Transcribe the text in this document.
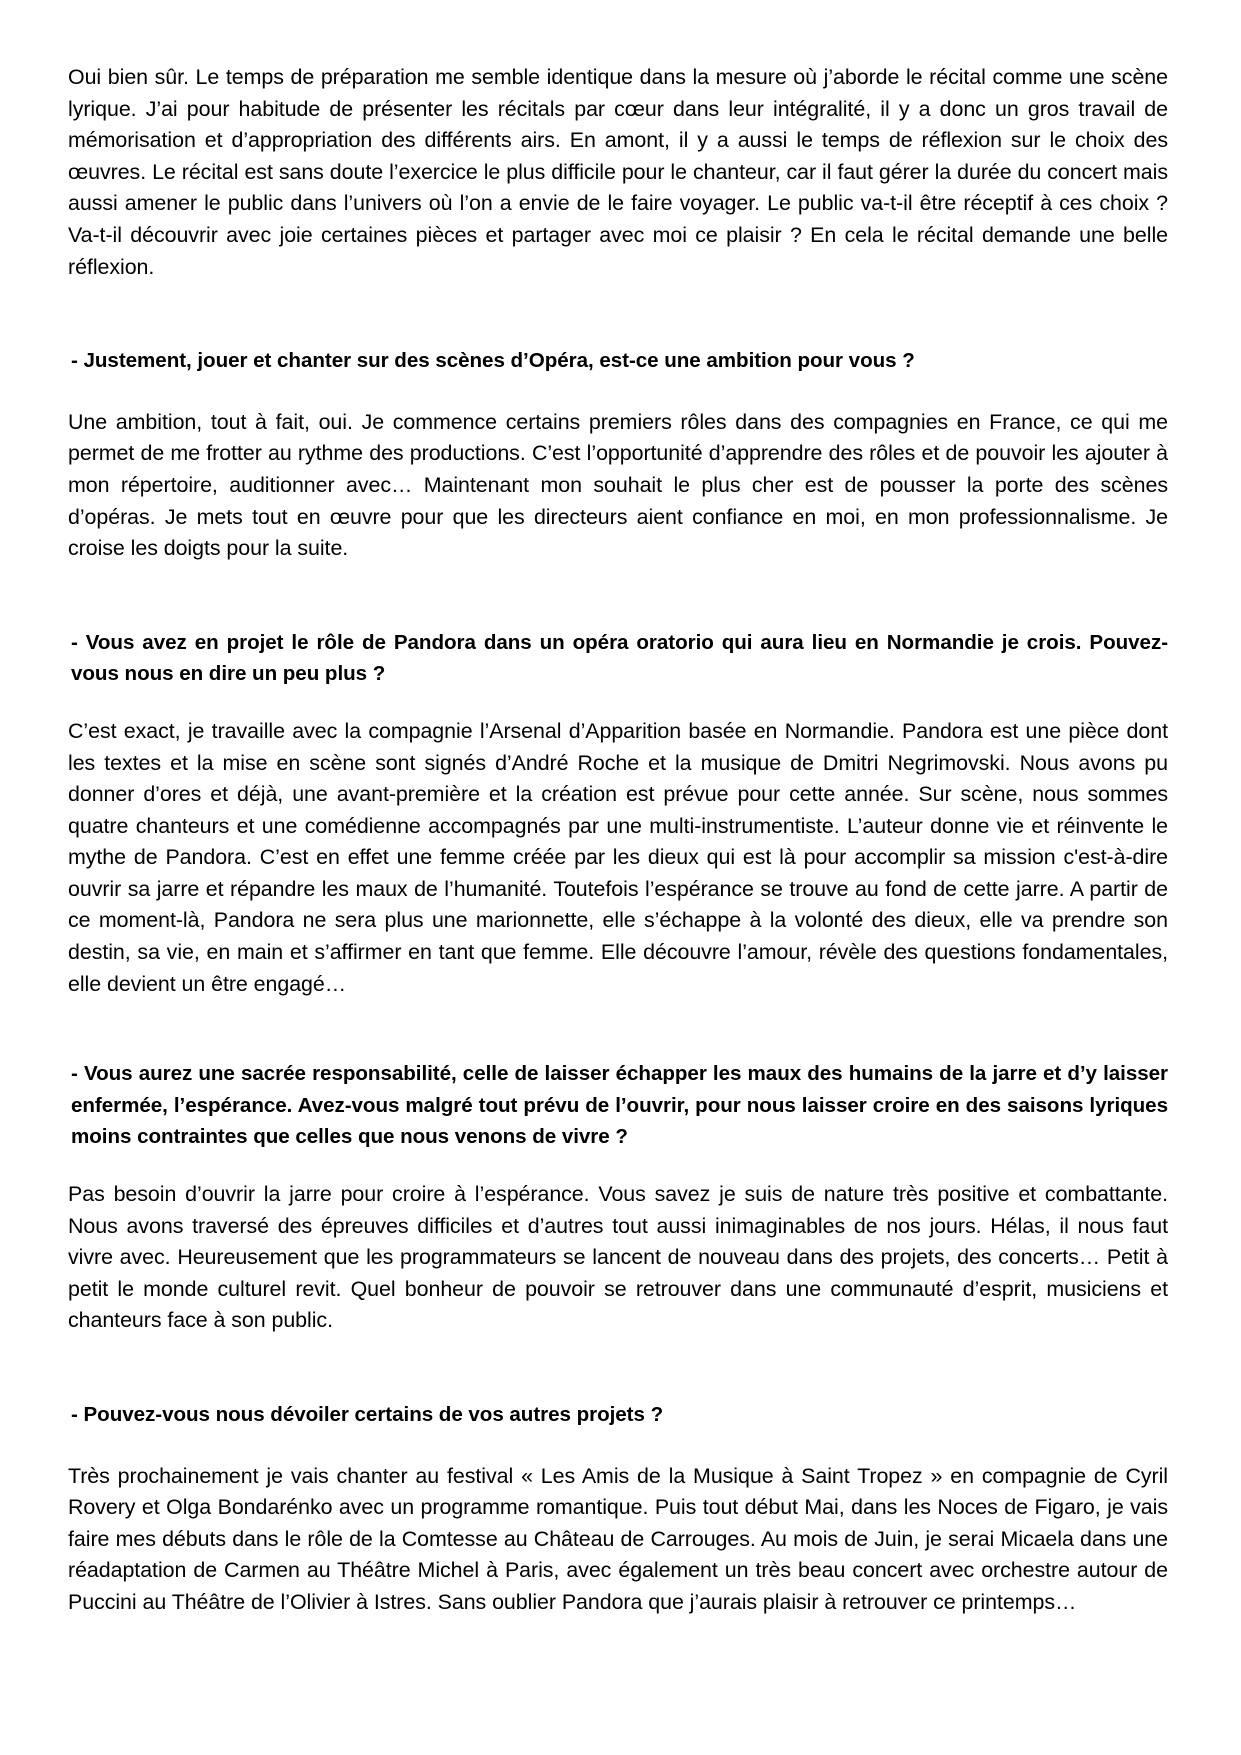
Oui bien sûr. Le temps de préparation me semble identique dans la mesure où j’aborde le récital comme une scène lyrique. J’ai pour habitude de présenter les récitals par cœur dans leur intégralité, il y a donc un gros travail de mémorisation et d’appropriation des différents airs. En amont, il y a aussi le temps de réflexion sur le choix des œuvres. Le récital est sans doute l’exercice le plus difficile pour le chanteur, car il faut gérer la durée du concert mais aussi amener le public dans l’univers où l’on a envie de le faire voyager. Le public va-t-il être réceptif à ces choix ? Va-t-il découvrir avec joie certaines pièces et partager avec moi ce plaisir ? En cela le récital demande une belle réflexion.

- Justement, jouer et chanter sur des scènes d’Opéra, est-ce une ambition pour vous ?

Une ambition, tout à fait, oui. Je commence certains premiers rôles dans des compagnies en France, ce qui me permet de me frotter au rythme des productions. C’est l’opportunité d’apprendre des rôles et de pouvoir les ajouter à mon répertoire, auditionner avec… Maintenant mon souhait le plus cher est de pousser la porte des scènes d’opéras. Je mets tout en œuvre pour que les directeurs aient confiance en moi, en mon professionnalisme. Je croise les doigts pour la suite.

- Vous avez en projet le rôle de Pandora dans un opéra oratorio qui aura lieu en Normandie je crois. Pouvez-vous nous en dire un peu plus ?

C’est exact, je travaille avec la compagnie l’Arsenal d’Apparition basée en Normandie. Pandora est une pièce dont les textes et la mise en scène sont signés d’André Roche et la musique de Dmitri Negrimovski. Nous avons pu donner d’ores et déjà, une avant-première et la création est prévue pour cette année. Sur scène, nous sommes quatre chanteurs et une comédienne accompagnés par une multi-instrumentiste. L’auteur donne vie et réinvente le mythe de Pandora. C’est en effet une femme créée par les dieux qui est là pour accomplir sa mission c'est-à-dire ouvrir sa jarre et répandre les maux de l’humanité. Toutefois l’espérance se trouve au fond de cette jarre. A partir de ce moment-là, Pandora ne sera plus une marionnette, elle s’échappe à la volonté des dieux, elle va prendre son destin, sa vie, en main et s’affirmer en tant que femme. Elle découvre l’amour, révèle des questions fondamentales, elle devient un être engagé…

- Vous aurez une sacrée responsabilité, celle de laisser échapper les maux des humains de la jarre et d’y laisser enfermée, l’espérance. Avez-vous malgré tout prévu de l’ouvrir, pour nous laisser croire en des saisons lyriques moins contraintes que celles que nous venons de vivre ?

Pas besoin d’ouvrir la jarre pour croire à l’espérance. Vous savez je suis de nature très positive et combattante. Nous avons traversé des épreuves difficiles et d’autres tout aussi inimaginables de nos jours. Hélas, il nous faut vivre avec. Heureusement que les programmateurs se lancent de nouveau dans des projets, des concerts… Petit à petit le monde culturel revit. Quel bonheur de pouvoir se retrouver dans une communauté d’esprit, musiciens et chanteurs face à son public.

- Pouvez-vous nous dévoiler certains de vos autres projets ?

Très prochainement je vais chanter au festival « Les Amis de la Musique à Saint Tropez » en compagnie de Cyril Rovery et Olga Bondarénko avec un programme romantique. Puis tout début Mai, dans les Noces de Figaro, je vais faire mes débuts dans le rôle de la Comtesse au Château de Carrouges. Au mois de Juin, je serai Micaela dans une réadaptation de Carmen au Théâtre Michel à Paris, avec également un très beau concert avec orchestre autour de Puccini au Théâtre de l’Olivier à Istres. Sans oublier Pandora que j’aurais plaisir à retrouver ce printemps…
